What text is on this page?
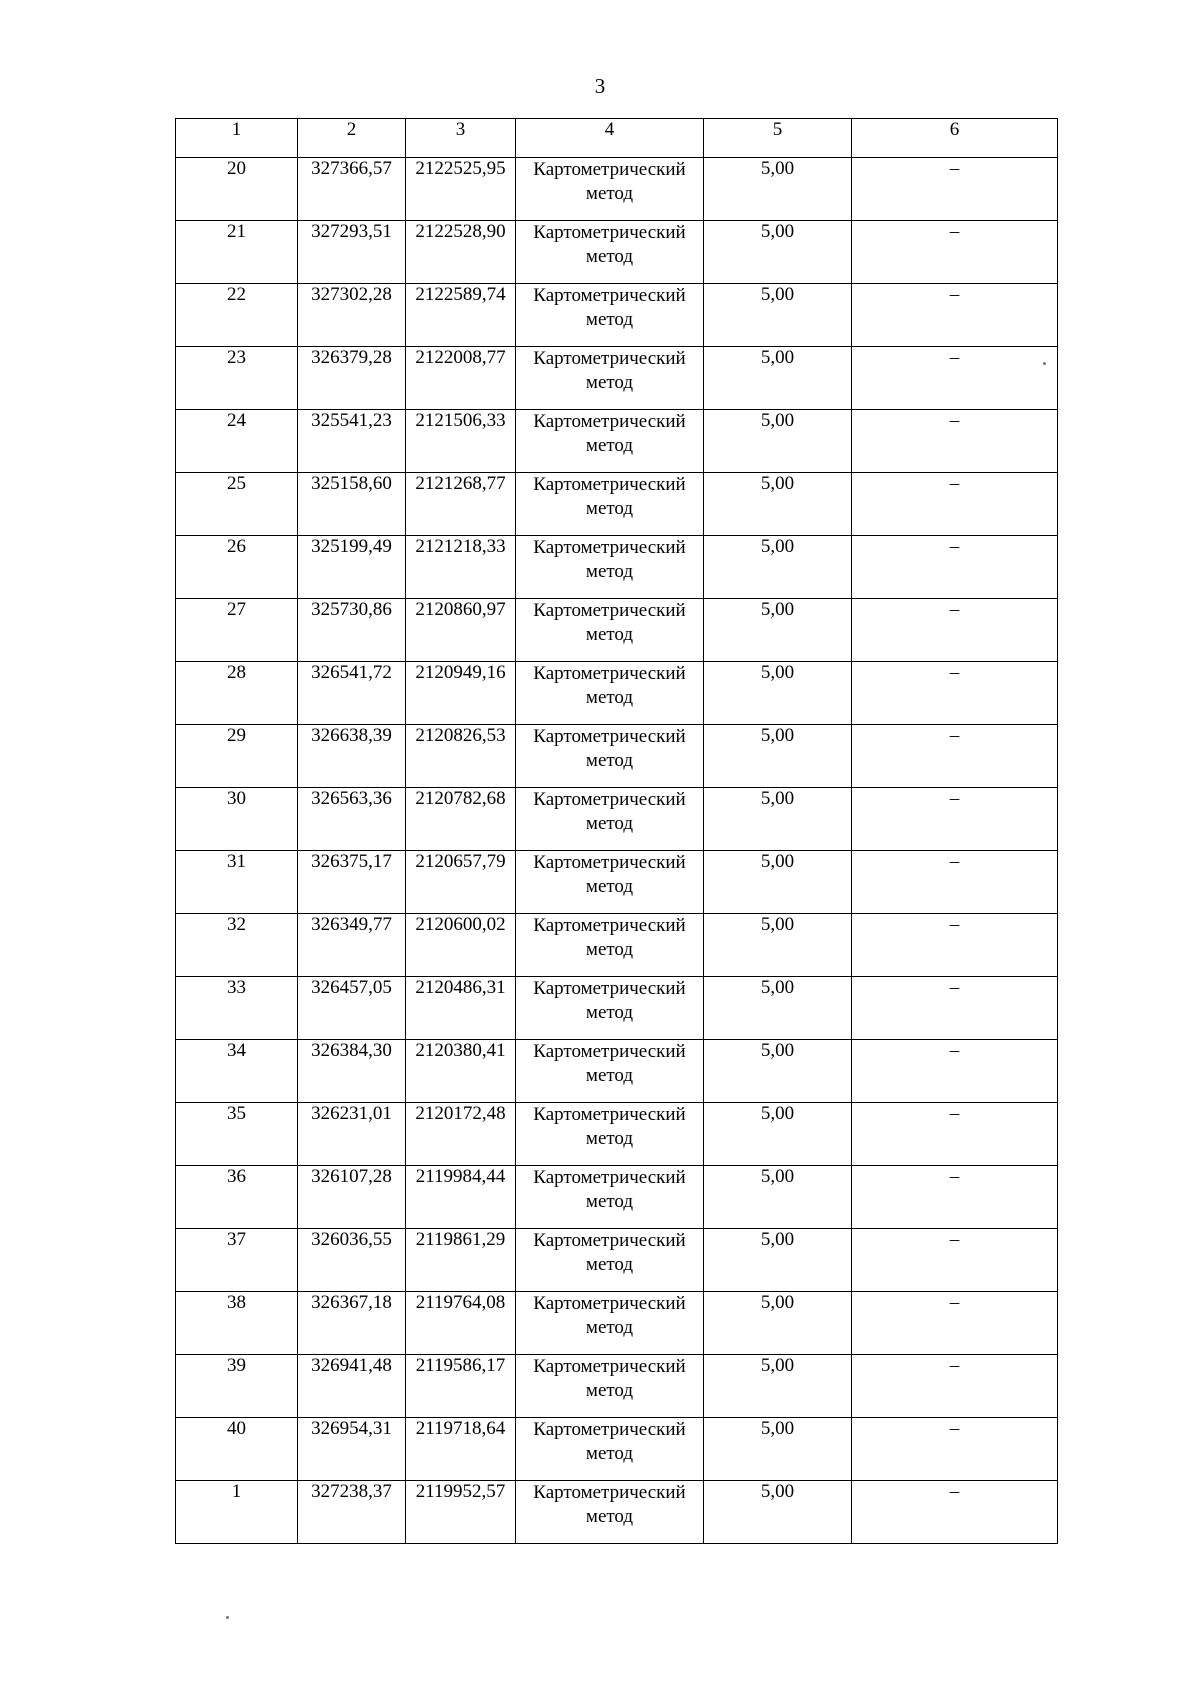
3
1	2	3	4	5	6
20	327366,57	2122525,95	Картометрический метод	5,00	–
21	327293,51	2122528,90	Картометрический метод	5,00	–
22	327302,28	2122589,74	Картометрический метод	5,00	–
23	326379,28	2122008,77	Картометрический метод	5,00	–
24	325541,23	2121506,33	Картометрический метод	5,00	–
25	325158,60	2121268,77	Картометрический метод	5,00	–
26	325199,49	2121218,33	Картометрический метод	5,00	–
27	325730,86	2120860,97	Картометрический метод	5,00	–
28	326541,72	2120949,16	Картометрический метод	5,00	–
29	326638,39	2120826,53	Картометрический метод	5,00	–
30	326563,36	2120782,68	Картометрический метод	5,00	–
31	326375,17	2120657,79	Картометрический метод	5,00	–
32	326349,77	2120600,02	Картометрический метод	5,00	–
33	326457,05	2120486,31	Картометрический метод	5,00	–
34	326384,30	2120380,41	Картометрический метод	5,00	–
35	326231,01	2120172,48	Картометрический метод	5,00	–
36	326107,28	2119984,44	Картометрический метод	5,00	–
37	326036,55	2119861,29	Картометрический метод	5,00	–
38	326367,18	2119764,08	Картометрический метод	5,00	–
39	326941,48	2119586,17	Картометрический метод	5,00	–
40	326954,31	2119718,64	Картометрический метод	5,00	–
1	327238,37	2119952,57	Картометрический метод	5,00	–
